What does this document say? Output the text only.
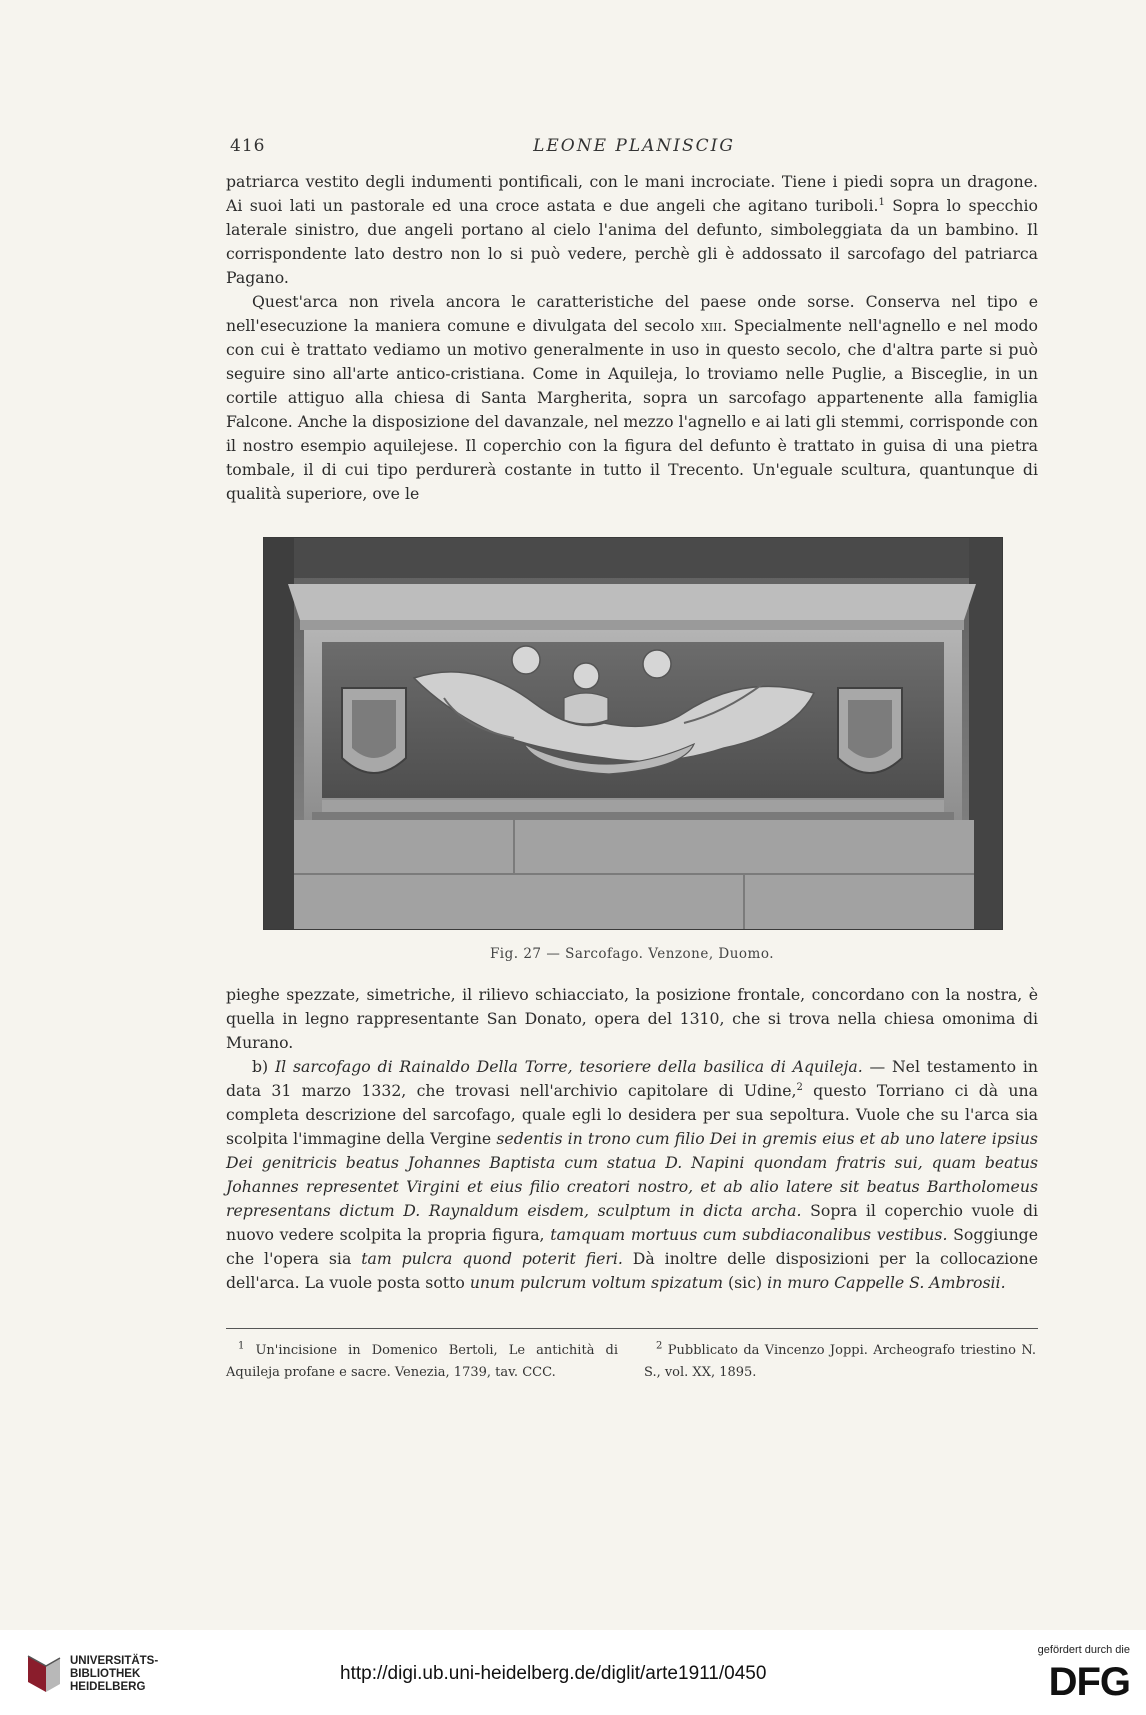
416	LEONE PLANISCIG

patriarca vestito degli indumenti pontificali, con le mani incrociate. Tiene i piedi sopra un dragone. Ai suoi lati un pastorale ed una croce astata e due angeli che agitano turiboli.$^1$ Sopra lo specchio laterale sinistro, due angeli portano al cielo l'anima del defunto, simboleggiata da un bambino. Il corrispondente lato destro non lo si può vedere, perchè gli è addossato il sarcofago del patriarca Pagano.

Quest'arca non rivela ancora le caratteristiche del paese onde sorse. Conserva nel tipo e nell'esecuzione la maniera comune e divulgata del secolo xiii. Specialmente nell'agnello e nel modo con cui è trattato vediamo un motivo generalmente in uso in questo secolo, che d'altra parte si può seguire sino all'arte antico-cristiana. Come in Aquileja, lo troviamo nelle Puglie, a Bisceglie, in un cortile attiguo alla chiesa di Santa Margherita, sopra un sarcofago appartenente alla famiglia Falcone. Anche la disposizione del davanzale, nel mezzo l'agnello e ai lati gli stemmi, corrisponde con il nostro esempio aquilejese. Il coperchio con la figura del defunto è trattato in guisa di una pietra tombale, il di cui tipo perdurerà costante in tutto il Trecento. Un'eguale scultura, quantunque di qualità superiore, ove le

Fig. 27 — Sarcofago. Venzone, Duomo.

pieghe spezzate, simetriche, il rilievo schiacciato, la posizione frontale, concordano con la nostra, è quella in legno rappresentante San Donato, opera del 1310, che si trova nella chiesa omonima di Murano.

b) Il sarcofago di Rainaldo Della Torre, tesoriere della basilica di Aquileja. — Nel testamento in data 31 marzo 1332, che trovasi nell'archivio capitolare di Udine,$^2$ questo Torriano ci dà una completa descrizione del sarcofago, quale egli lo desidera per sua sepoltura. Vuole che su l'arca sia scolpita l'immagine della Vergine sedentis in trono cum filio Dei in gremis eius et ab uno latere ipsius Dei genitricis beatus Johannes Baptista cum statua D. Napini quondam fratris sui, quam beatus Johannes representet Virgini et eius filio creatori nostro, et ab alio latere sit beatus Bartholomeus representans dictum D. Raynaldum eisdem, sculptum in dicta archa. Sopra il coperchio vuole di nuovo vedere scolpita la propria figura, tamquam mortuus cum subdiaconalibus vestibus. Soggiunge che l'opera sia tam pulcra quond poterit fieri. Dà inoltre delle disposizioni per la collocazione dell'arca. La vuole posta sotto unum pulcrum voltum spizatum (sic) in muro Cappelle S. Ambrosii.

$^1$ Un'incisione in Domenico Bertoli, Le antichità di Aquileja profane e sacre. Venezia, 1739, tav. CCC.

$^2$ Pubblicato da Vincenzo Joppi. Archeografo triestino N. S., vol. XX, 1895.

UNIVERSITÄTS-
BIBLIOTHEK
HEIDELBERG
http://digi.ub.uni-heidelberg.de/diglit/arte1911/0450
gefördert durch die
DFG
